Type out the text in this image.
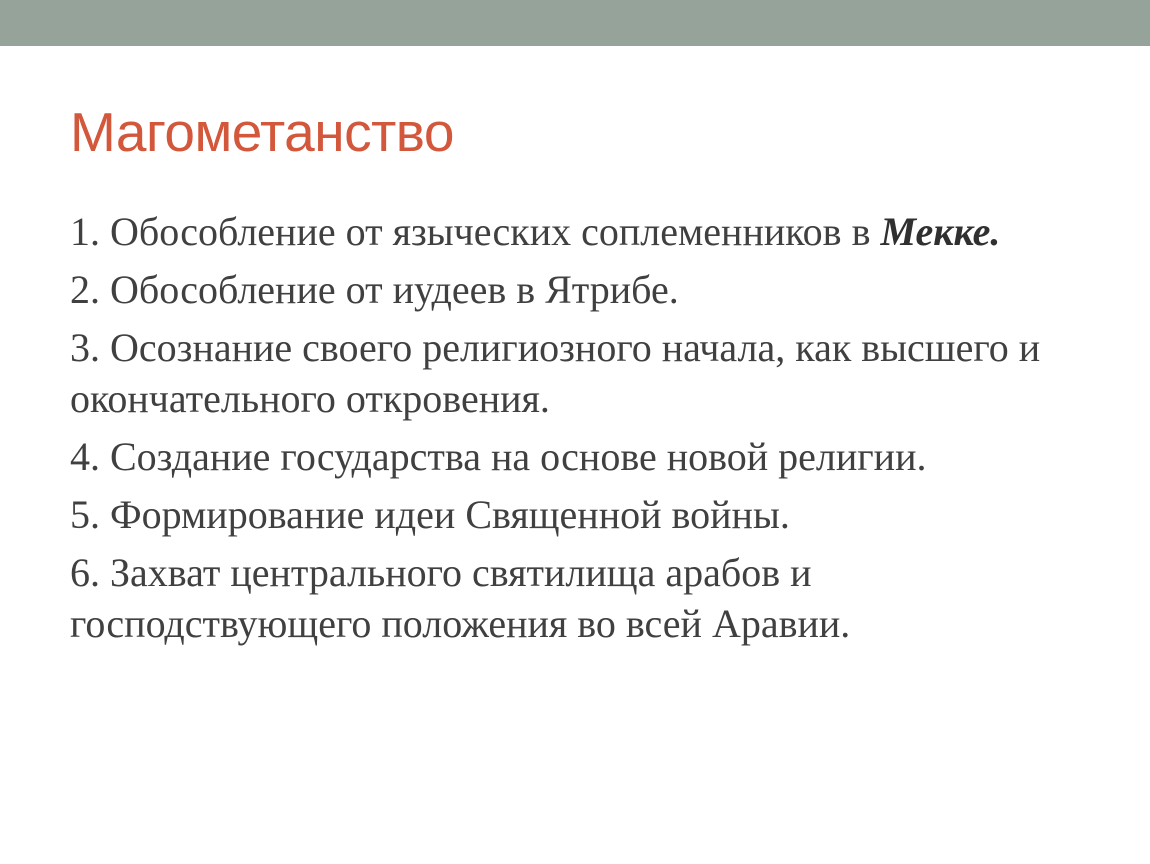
Магометанство
1. Обособление от языческих соплеменников в Мекке.
2. Обособление от иудеев в Ятрибе.
3. Осознание своего религиозного начала, как высшего и окончательного откровения.
4. Создание государства на основе новой религии.
5. Формирование идеи Священной войны.
6. Захват центрального святилища арабов и господствующего положения во всей Аравии.
